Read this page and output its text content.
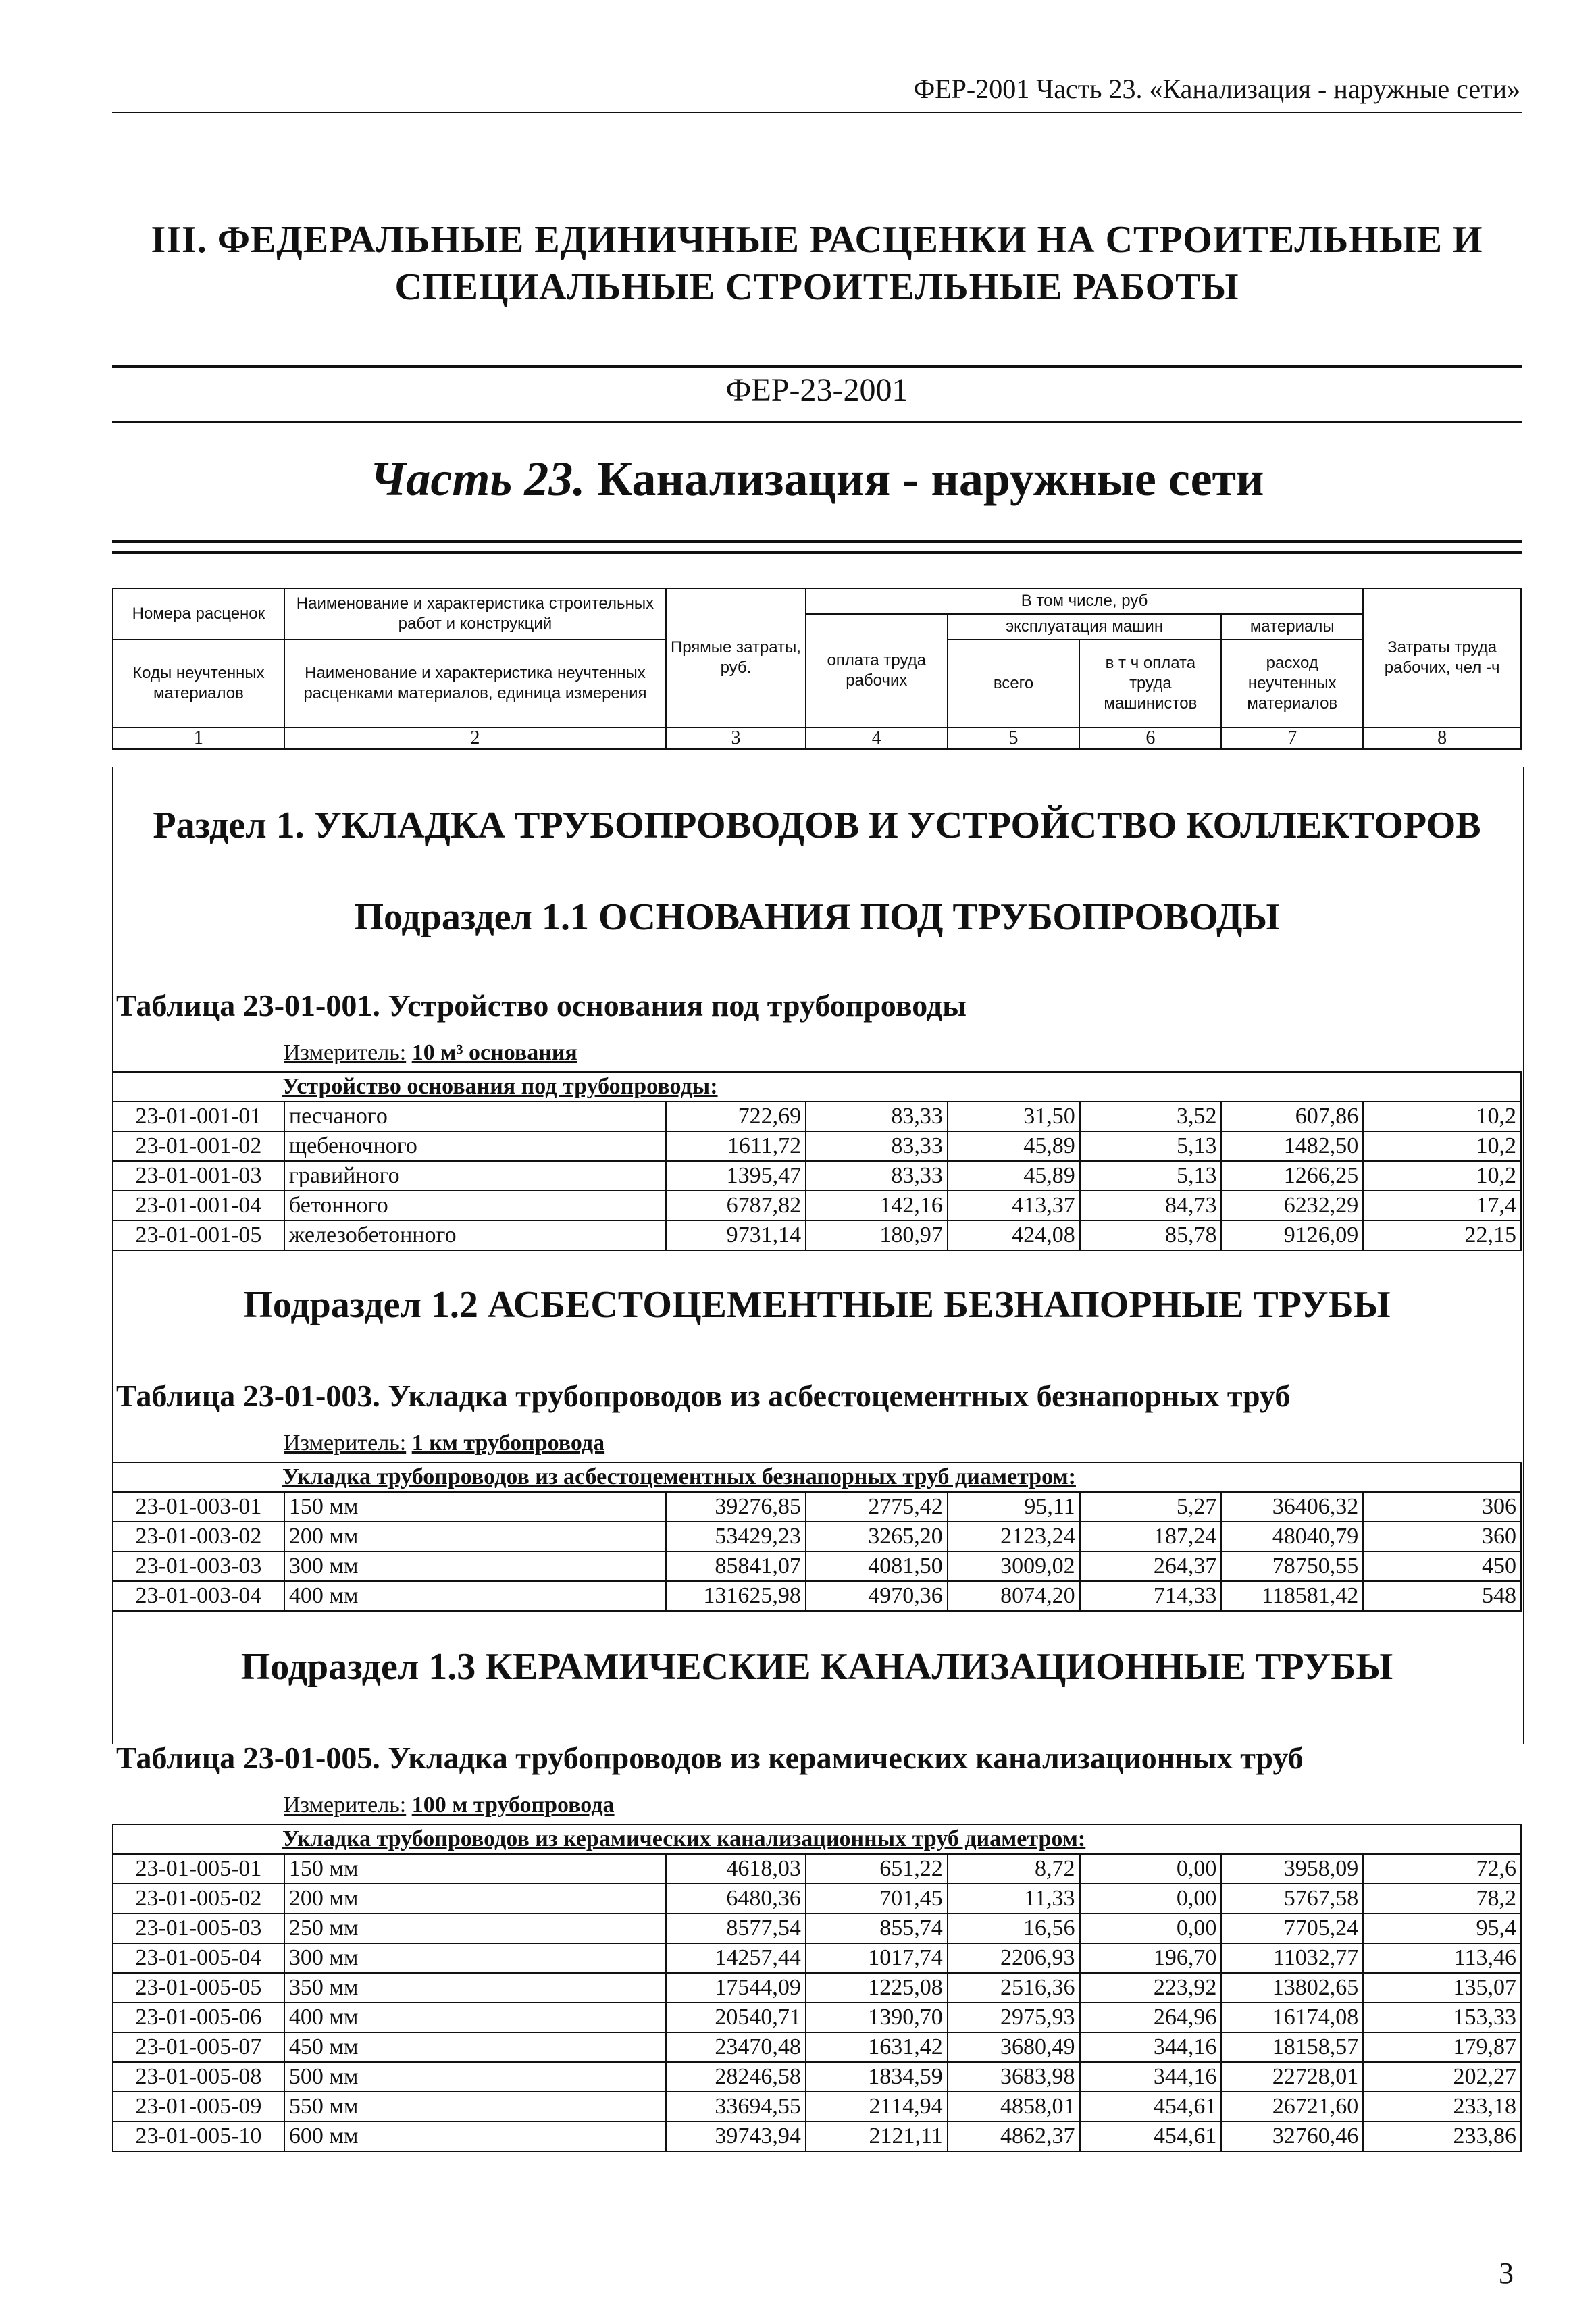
ФЕР-2001 Часть 23. «Канализация - наружные сети»
III. ФЕДЕРАЛЬНЫЕ ЕДИНИЧНЫЕ РАСЦЕНКИ НА СТРОИТЕЛЬНЫЕ И
СПЕЦИАЛЬНЫЕ СТРОИТЕЛЬНЫЕ РАБОТЫ
ФЕР-23-2001
Часть 23. Канализация - наружные сети
Номера расценок	Наименование и характеристика строительных работ и конструкций	Прямые затраты, руб.	В том числе, руб				Затраты труда рабочих, чел -ч
			оплата труда рабочих	эксплуатация машин		материалы	
Коды неучтенных материалов	Наименование и характеристика неучтенных расценками материалов, единица измерения			всего	в т ч оплата труда машинистов	расход неучтенных материалов	

1	2	3	4	5	6	7	8
Раздел 1. УКЛАДКА ТРУБОПРОВОДОВ И УСТРОЙСТВО КОЛЛЕКТОРОВ
Подраздел 1.1 ОСНОВАНИЯ ПОД ТРУБОПРОВОДЫ
Таблица 23-01-001. Устройство основания под трубопроводы
Измеритель: 10 м³ основания
Устройство основания под трубопроводы:							
23-01-001-01	песчаного	722,69	83,33	31,50	3,52	607,86	10,2
23-01-001-02	щебеночного	1611,72	83,33	45,89	5,13	1482,50	10,2
23-01-001-03	гравийного	1395,47	83,33	45,89	5,13	1266,25	10,2
23-01-001-04	бетонного	6787,82	142,16	413,37	84,73	6232,29	17,4
23-01-001-05	железобетонного	9731,14	180,97	424,08	85,78	9126,09	22,15
Подраздел 1.2 АСБЕСТОЦЕМЕНТНЫЕ БЕЗНАПОРНЫЕ ТРУБЫ
Таблица 23-01-003. Укладка трубопроводов из асбестоцементных безнапорных труб
Измеритель: 1 км трубопровода
Укладка трубопроводов из асбестоцементных безнапорных труб диаметром:							
23-01-003-01	150 мм	39276,85	2775,42	95,11	5,27	36406,32	306
23-01-003-02	200 мм	53429,23	3265,20	2123,24	187,24	48040,79	360
23-01-003-03	300 мм	85841,07	4081,50	3009,02	264,37	78750,55	450
23-01-003-04	400 мм	131625,98	4970,36	8074,20	714,33	118581,42	548
Подраздел 1.3 КЕРАМИЧЕСКИЕ КАНАЛИЗАЦИОННЫЕ ТРУБЫ
Таблица 23-01-005. Укладка трубопроводов из керамических канализационных труб
Измеритель: 100 м трубопровода
Укладка трубопроводов из керамических канализационных труб диаметром:							
23-01-005-01	150 мм	4618,03	651,22	8,72	0,00	3958,09	72,6
23-01-005-02	200 мм	6480,36	701,45	11,33	0,00	5767,58	78,2
23-01-005-03	250 мм	8577,54	855,74	16,56	0,00	7705,24	95,4
23-01-005-04	300 мм	14257,44	1017,74	2206,93	196,70	11032,77	113,46
23-01-005-05	350 мм	17544,09	1225,08	2516,36	223,92	13802,65	135,07
23-01-005-06	400 мм	20540,71	1390,70	2975,93	264,96	16174,08	153,33
23-01-005-07	450 мм	23470,48	1631,42	3680,49	344,16	18158,57	179,87
23-01-005-08	500 мм	28246,58	1834,59	3683,98	344,16	22728,01	202,27
23-01-005-09	550 мм	33694,55	2114,94	4858,01	454,61	26721,60	233,18
23-01-005-10	600 мм	39743,94	2121,11	4862,37	454,61	32760,46	233,86
3
